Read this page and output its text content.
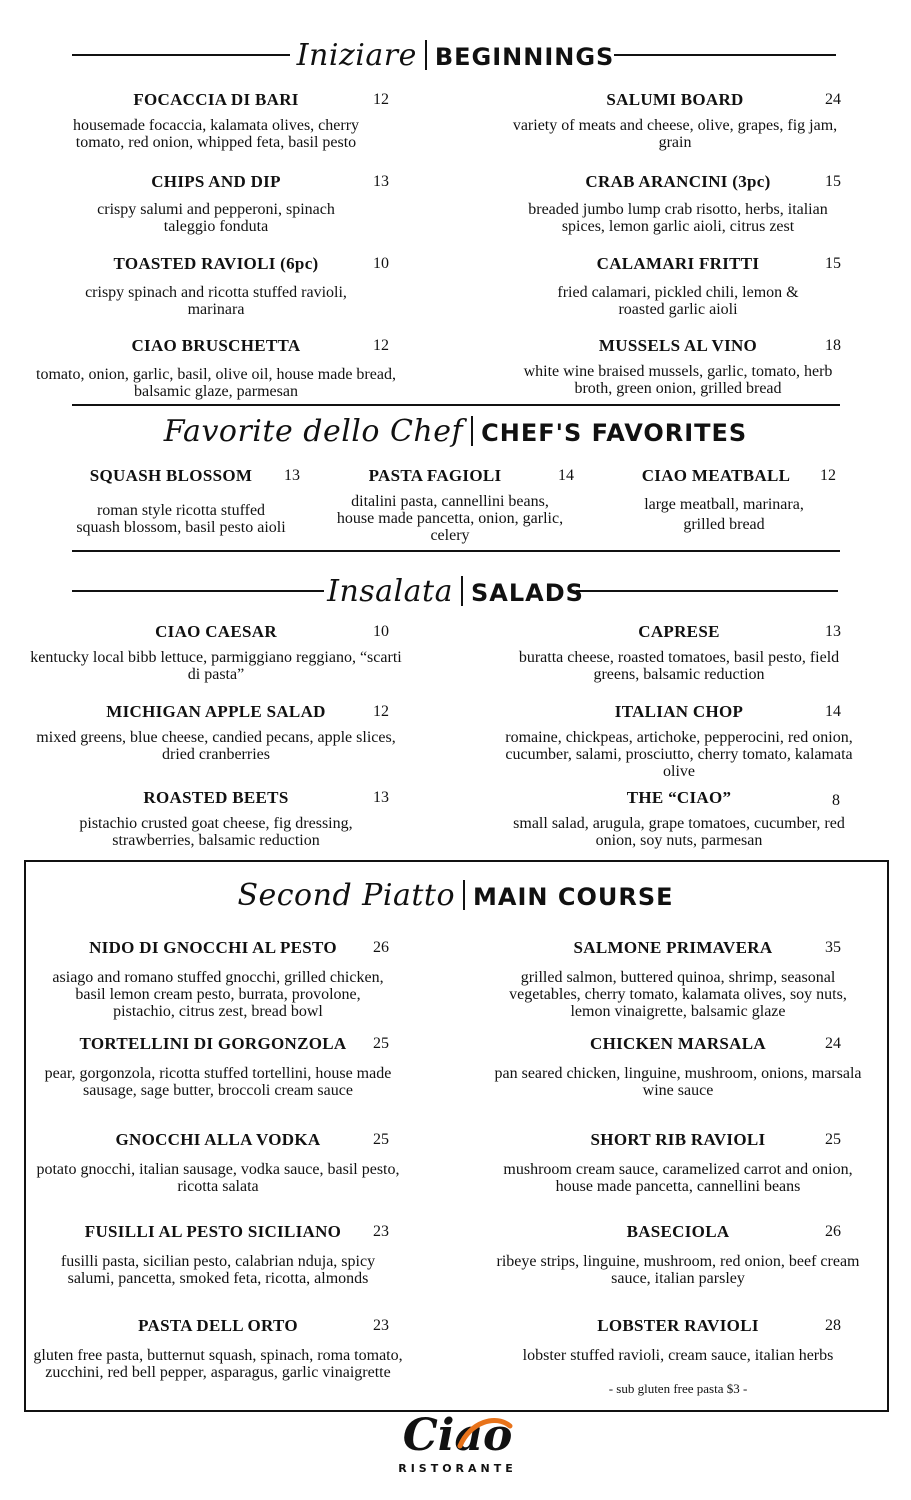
Iniziare BEGINNINGS
FOCACCIA DI BARI	12
housemade focaccia, kalamata olives, cherry tomato, red onion, whipped feta, basil pesto
SALUMI BOARD	24
variety of meats and cheese, olive, grapes, fig jam, grain
CHIPS AND DIP	13
crispy salumi and pepperoni, spinach taleggio fonduta
CRAB ARANCINI (3pc)	15
breaded jumbo lump crab risotto, herbs, italian spices, lemon garlic aioli, citrus zest
TOASTED RAVIOLI (6pc)	10
crispy spinach and ricotta stuffed ravioli, marinara
CALAMARI FRITTI	15
fried calamari, pickled chili, lemon & roasted garlic aioli
CIAO BRUSCHETTA	12
tomato, onion, garlic, basil, olive oil, house made bread, balsamic glaze, parmesan
MUSSELS AL VINO	18
white wine braised mussels, garlic, tomato, herb broth, green onion, grilled bread
Favorite dello Chef CHEF'S FAVORITES
SQUASH BLOSSOM	13
roman style ricotta stuffed squash blossom, basil pesto aioli
PASTA FAGIOLI	14
ditalini pasta, cannellini beans, house made pancetta, onion, garlic, celery
CIAO MEATBALL	12
large meatball, marinara, grilled bread
Insalata SALADS
CIAO CAESAR	10
kentucky local bibb lettuce, parmiggiano reggiano, “scarti di pasta”
CAPRESE	13
buratta cheese, roasted tomatoes, basil pesto, field greens, balsamic reduction
MICHIGAN APPLE SALAD	12
mixed greens, blue cheese, candied pecans, apple slices, dried cranberries
ITALIAN CHOP	14
romaine, chickpeas, artichoke, pepperocini, red onion, cucumber, salami, prosciutto, cherry tomato, kalamata olive
ROASTED BEETS	13
pistachio crusted goat cheese, fig dressing, strawberries, balsamic reduction
THE “CIAO”	8
small salad, arugula, grape tomatoes, cucumber, red onion, soy nuts, parmesan
Second Piatto MAIN COURSE
NIDO DI GNOCCHI AL PESTO	26
asiago and romano stuffed gnocchi, grilled chicken, basil lemon cream pesto, burrata, provolone, pistachio, citrus zest, bread bowl
SALMONE PRIMAVERA	35
grilled salmon, buttered quinoa, shrimp, seasonal vegetables, cherry tomato, kalamata olives, soy nuts, lemon vinaigrette, balsamic glaze
TORTELLINI DI GORGONZOLA	25
pear, gorgonzola, ricotta stuffed tortellini, house made sausage, sage butter, broccoli cream sauce
CHICKEN MARSALA	24
pan seared chicken, linguine, mushroom, onions, marsala wine sauce
GNOCCHI ALLA VODKA	25
potato gnocchi, italian sausage, vodka sauce, basil pesto, ricotta salata
SHORT RIB RAVIOLI	25
mushroom cream sauce, caramelized carrot and onion, house made pancetta, cannellini beans
FUSILLI AL PESTO SICILIANO	23
fusilli pasta, sicilian pesto, calabrian nduja, spicy salumi, pancetta, smoked feta, ricotta, almonds
BASECIOLA	26
ribeye strips, linguine, mushroom, red onion, beef cream sauce, italian parsley
PASTA DELL ORTO	23
gluten free pasta, butternut squash, spinach, roma tomato, zucchini, red bell pepper, asparagus, garlic vinaigrette
LOBSTER RAVIOLI	28
lobster stuffed ravioli, cream sauce, italian herbs
- sub gluten free pasta $3 -
Ciao
RISTORANTE
